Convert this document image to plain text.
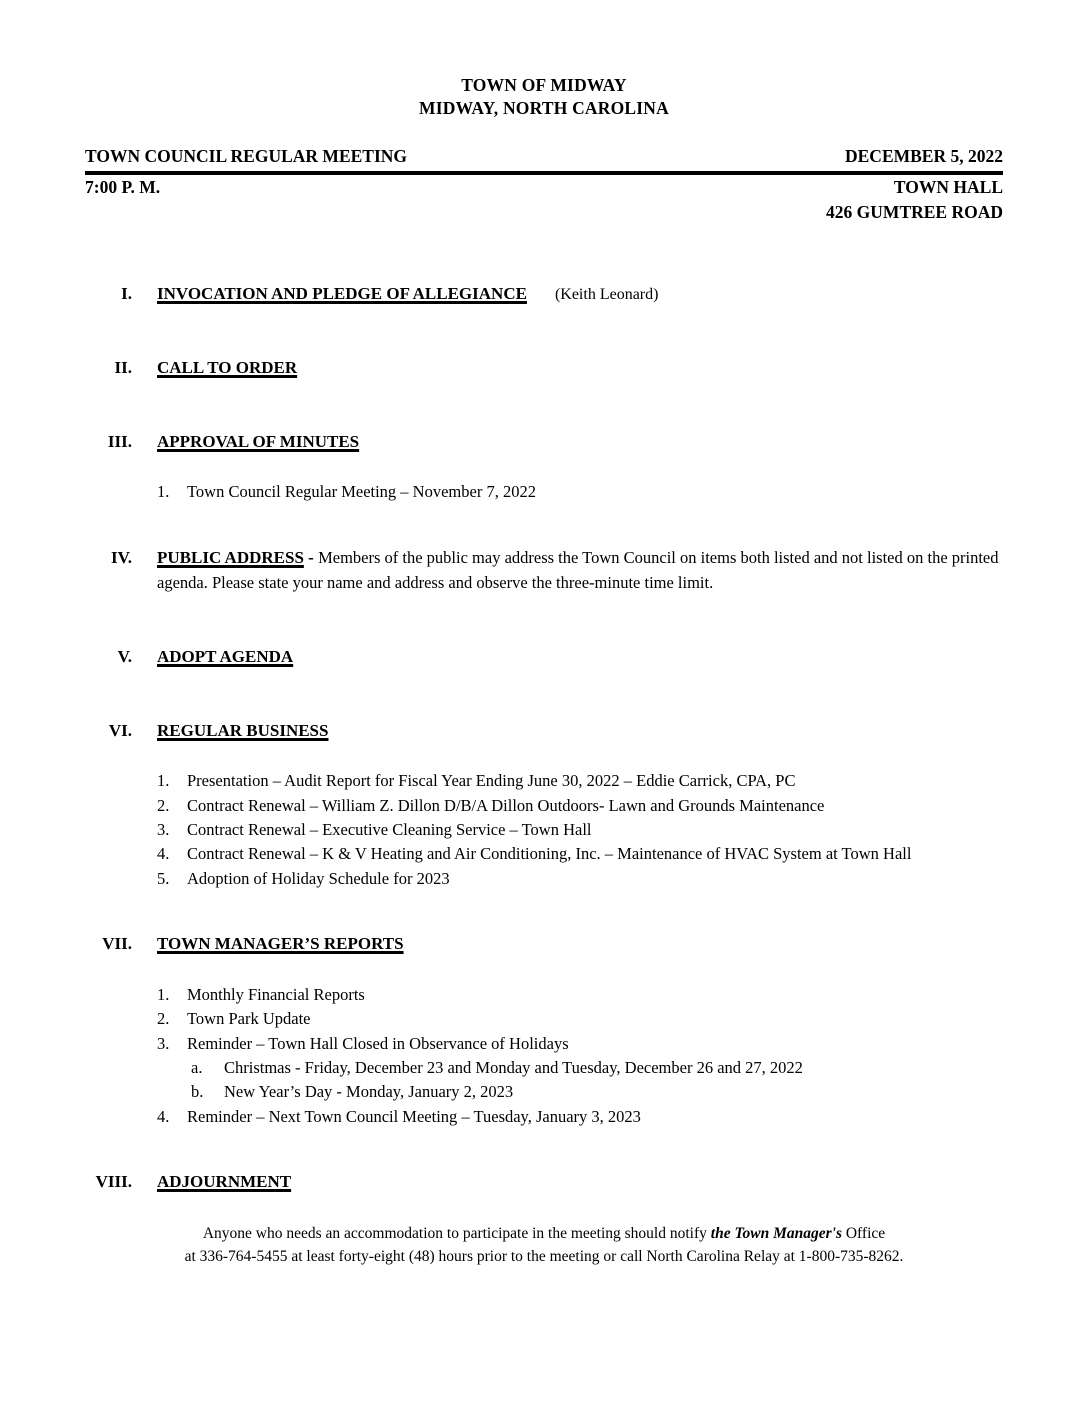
TOWN OF MIDWAY
MIDWAY, NORTH CAROLINA
TOWN COUNCIL REGULAR MEETING	DECEMBER 5, 2022
7:00 P. M.	TOWN HALL
426 GUMTREE ROAD
I.	INVOCATION AND PLEDGE OF ALLEGIANCE (Keith Leonard)
II.	CALL TO ORDER
III.	APPROVAL OF MINUTES
1.	Town Council Regular Meeting – November 7, 2022
IV.	PUBLIC ADDRESS - Members of the public may address the Town Council on items both listed and not listed on the printed agenda. Please state your name and address and observe the three-minute time limit.
V.	ADOPT AGENDA
VI.	REGULAR BUSINESS
1.	Presentation – Audit Report for Fiscal Year Ending June 30, 2022 – Eddie Carrick, CPA, PC
2.	Contract Renewal – William Z. Dillon D/B/A Dillon Outdoors- Lawn and Grounds Maintenance
3.	Contract Renewal – Executive Cleaning Service – Town Hall
4.	Contract Renewal – K & V Heating and Air Conditioning, Inc. – Maintenance of HVAC System at Town Hall
5.	Adoption of Holiday Schedule for 2023
VII.	TOWN MANAGER’S REPORTS
1.	Monthly Financial Reports
2.	Town Park Update
3.	Reminder – Town Hall Closed in Observance of Holidays
a.	Christmas - Friday, December 23 and Monday and Tuesday, December 26 and 27, 2022
b.	New Year’s Day - Monday, January 2, 2023
4.	Reminder – Next Town Council Meeting – Tuesday, January 3, 2023
VIII.	ADJOURNMENT
Anyone who needs an accommodation to participate in the meeting should notify the Town Manager's Office
at 336-764-5455 at least forty-eight (48) hours prior to the meeting or call North Carolina Relay at 1-800-735-8262.
